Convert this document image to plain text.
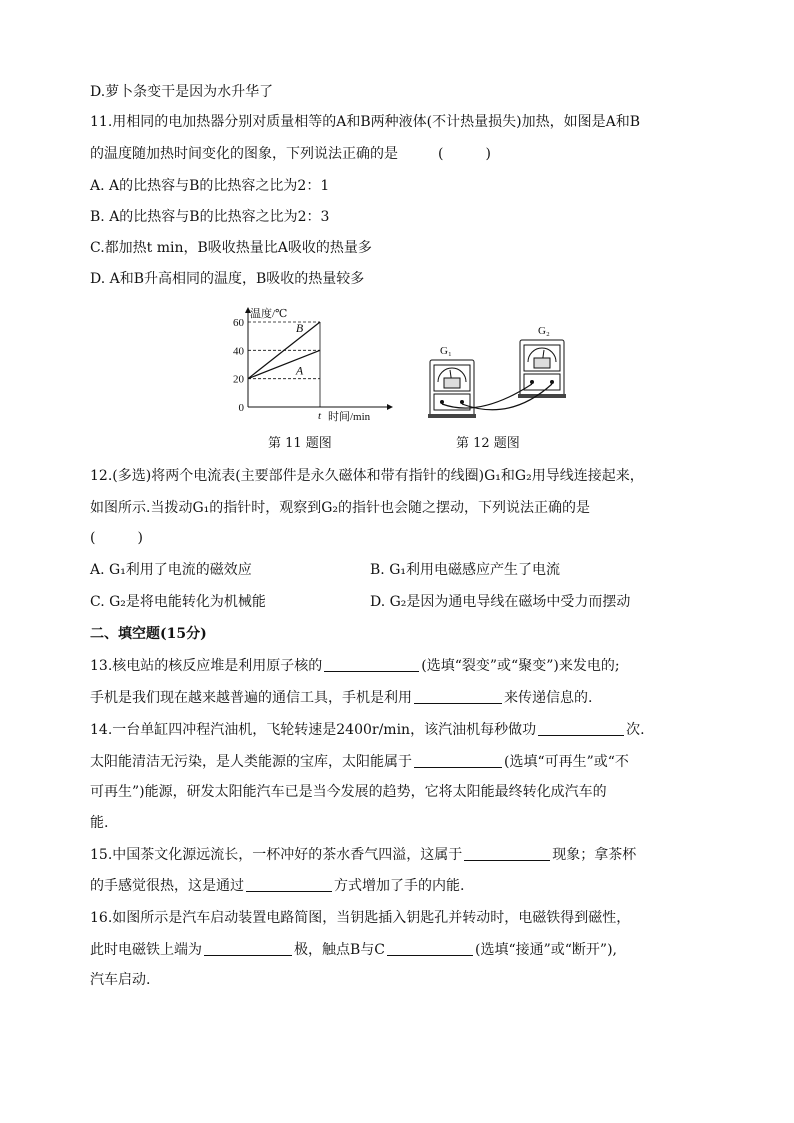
D.萝卜条变干是因为水升华了
11.用相同的电加热器分别对质量相等的A和B两种液体(不计热量损失)加热，如图是A和B
的温度随加热时间变化的图象，下列说法正确的是	(　　　)
A. A的比热容与B的比热容之比为2：1
B. A的比热容与B的比热容之比为2：3
C.都加热t min，B吸收热量比A吸收的热量多
D. A和B升高相同的温度，B吸收的热量较多
温度/℃
时间/min
0
20
40
60
t
B
A
第 11 题图
G₁
G₂
第 12 题图
12.(多选)将两个电流表(主要部件是永久磁体和带有指针的线圈)G₁和G₂用导线连接起来，
如图所示.当拨动G₁的指针时，观察到G₂的指针也会随之摆动，下列说法正确的是
(　　　)
A. G₁利用了电流的磁效应	B. G₁利用电磁感应产生了电流
C. G₂是将电能转化为机械能	D. G₂是因为通电导线在磁场中受力而摆动
二、填空题(15分)
13.核电站的核反应堆是利用原子核的	(选填“裂变”或“聚变”)来发电的;
手机是我们现在越来越普遍的通信工具，手机是利用	来传递信息的.
14.一台单缸四冲程汽油机，飞轮转速是2400r/min，该汽油机每秒做功	次.
太阳能清洁无污染，是人类能源的宝库，太阳能属于	(选填“可再生”或“不
可再生”)能源，研发太阳能汽车已是当今发展的趋势，它将太阳能最终转化成汽车的
能.
15.中国茶文化源远流长，一杯冲好的茶水香气四溢，这属于	现象；拿茶杯
的手感觉很热，这是通过	方式增加了手的内能.
16.如图所示是汽车启动装置电路简图，当钥匙插入钥匙孔并转动时，电磁铁得到磁性，
此时电磁铁上端为	极，触点B与C	(选填“接通”或“断开”),
汽车启动.
